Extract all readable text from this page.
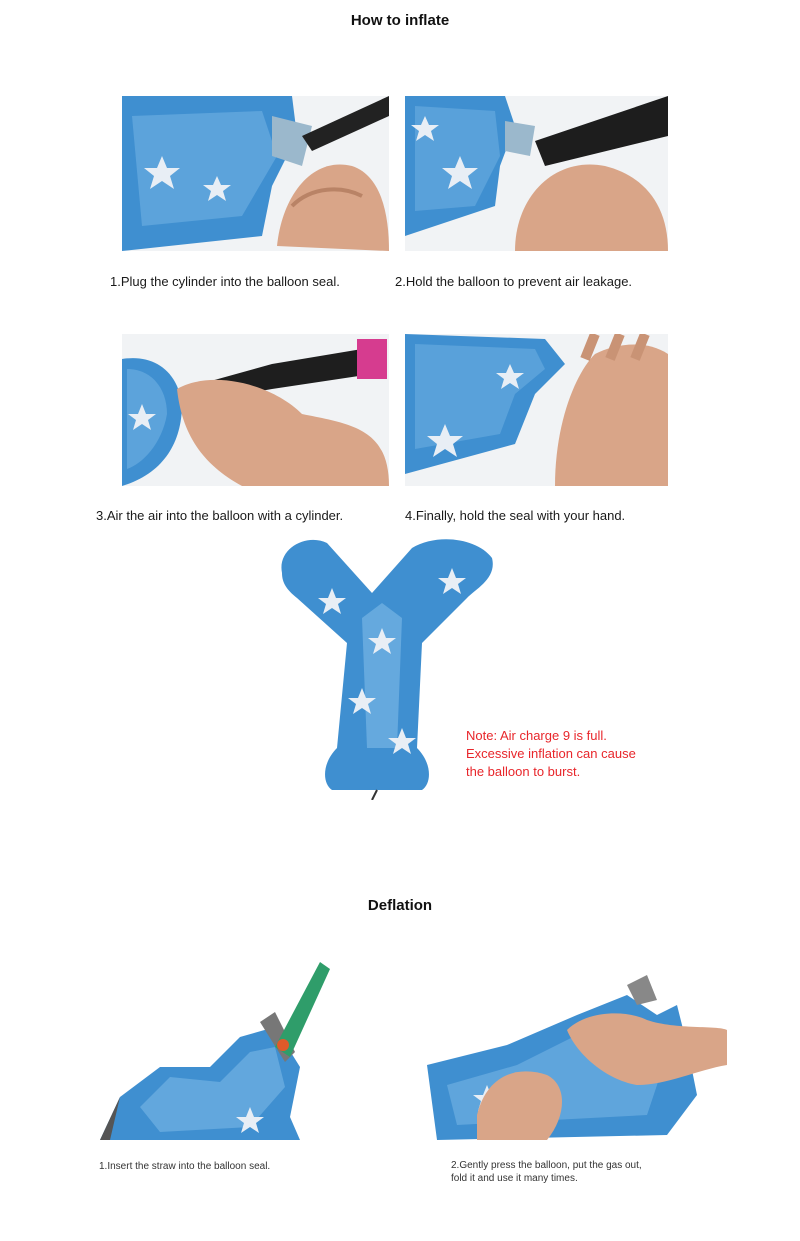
How to inflate
1.Plug the cylinder into the balloon seal.	2.Hold the balloon to prevent air leakage.
3.Air the air into the balloon with a cylinder.	4.Finally, hold the seal with your hand.
Note: Air charge 9 is full.
Excessive inflation can cause
the balloon to burst.
Deflation
1.Insert the straw into the balloon seal.	2.Gently press the balloon, put the gas out,
fold it and use it many times.
